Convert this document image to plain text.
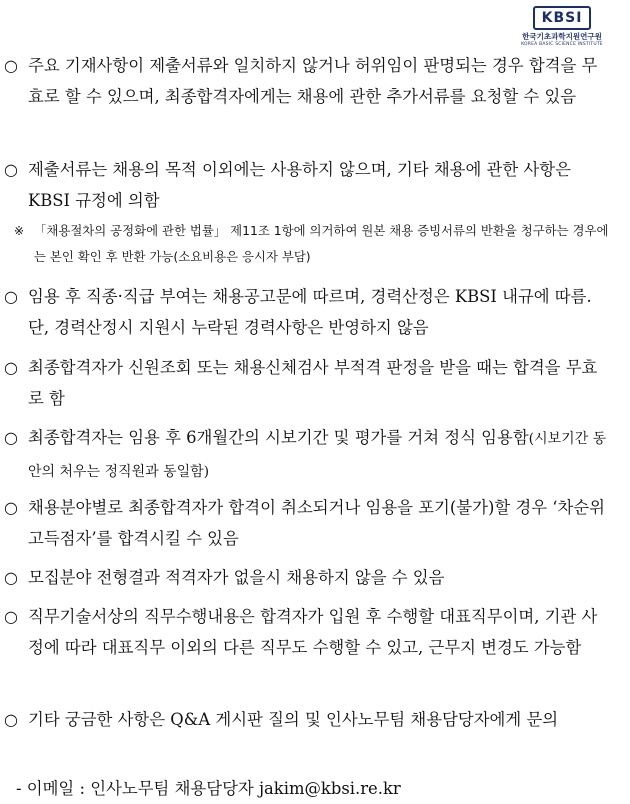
KBSI
한국기초과학지원연구원
KOREA BASIC SCIENCE INSTITUTE
○ 주요 기재사항이 제출서류와 일치하지 않거나 허위임이 판명되는 경우 합격을 무효로 할 수 있으며, 최종합격자에게는 채용에 관한 추가서류를 요청할 수 있음
○ 제출서류는 채용의 목적 이외에는 사용하지 않으며, 기타 채용에 관한 사항은 KBSI 규정에 의함
※ 「채용절차의 공정화에 관한 법률」 제11조 1항에 의거하여 원본 채용 증빙서류의 반환을 청구하는 경우에는 본인 확인 후 반환 가능(소요비용은 응시자 부담)
○ 임용 후 직종·직급 부여는 채용공고문에 따르며, 경력산정은 KBSI 내규에 따름. 단, 경력산정시 지원시 누락된 경력사항은 반영하지 않음
○ 최종합격자가 신원조회 또는 채용신체검사 부적격 판정을 받을 때는 합격을 무효로 함
○ 최종합격자는 임용 후 6개월간의 시보기간 및 평가를 거쳐 정식 임용함(시보기간 동안의 처우는 정직원과 동일함)
○ 채용분야별로 최종합격자가 합격이 취소되거나 임용을 포기(불가)할 경우 ‘차순위 고득점자’를 합격시킬 수 있음
○ 모집분야 전형결과 적격자가 없을시 채용하지 않을 수 있음
○ 직무기술서상의 직무수행내용은 합격자가 입원 후 수행할 대표직무이며, 기관 사정에 따라 대표직무 이외의 다른 직무도 수행할 수 있고, 근무지 변경도 가능함
○ 기타 궁금한 사항은 Q&A 게시판 질의 및 인사노무팀 채용담당자에게 문의
- 이메일 : 인사노무팀 채용담당자 jakim@kbsi.re.kr
